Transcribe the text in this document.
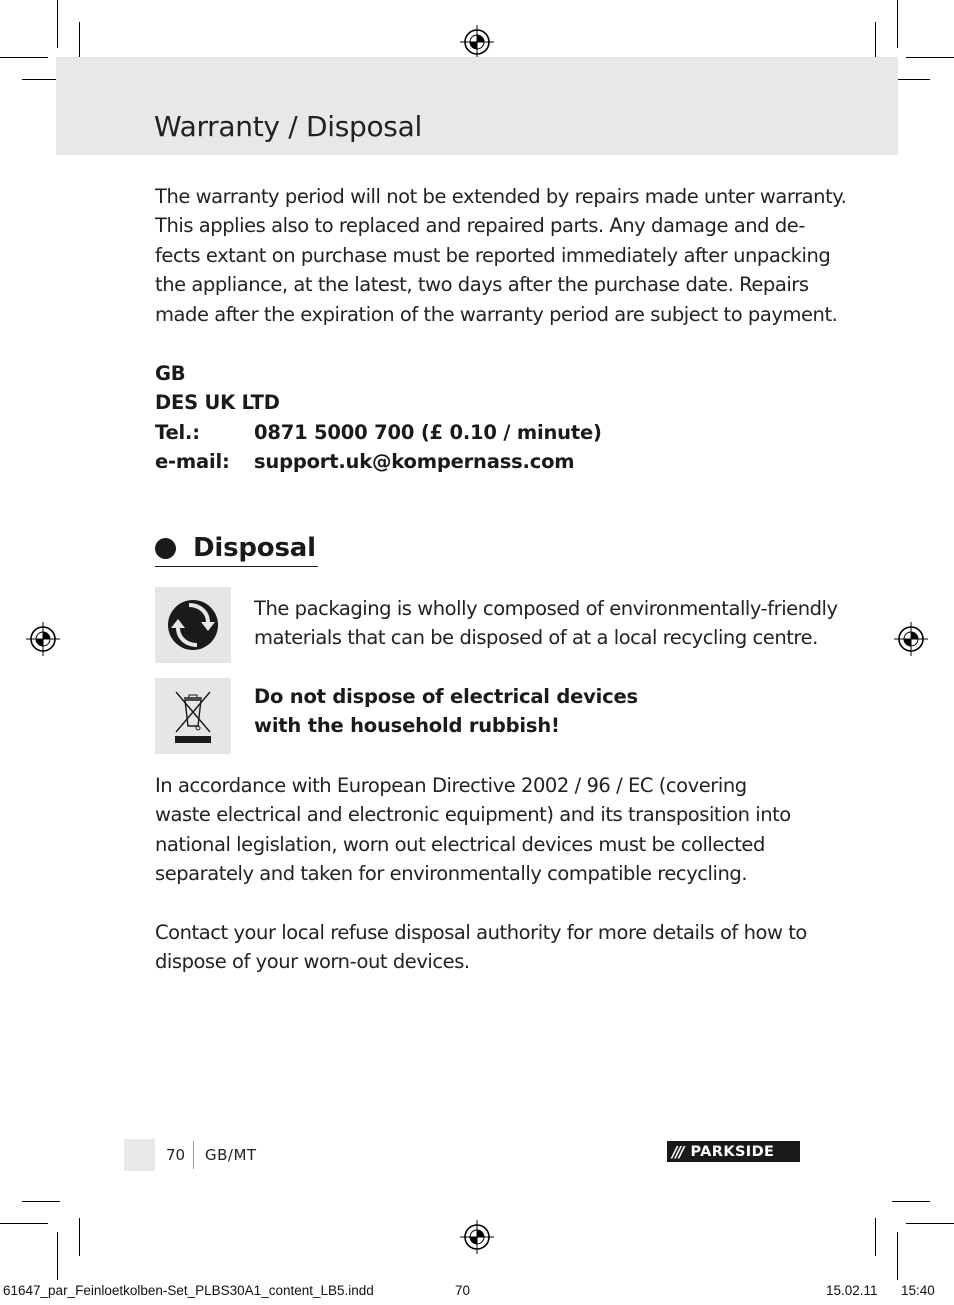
Warranty / Disposal

The warranty period will not be extended by repairs made unter warranty.
This applies also to replaced and repaired parts. Any damage and de-
fects extant on purchase must be reported immediately after unpacking
the appliance, at the latest, two days after the purchase date. Repairs
made after the expiration of the warranty period are subject to payment.

GB
DES UK LTD
Tel.:	0871 5000 700 (£ 0.10 / minute)
e-mail:	support.uk@kompernass.com
Disposal
The packaging is wholly composed of environmentally-friendly
materials that can be disposed of at a local recycling centre.
Do not dispose of electrical devices
with the household rubbish!

In accordance with European Directive 2002 / 96 / EC (covering
waste electrical and electronic equipment) and its transposition into
national legislation, worn out electrical devices must be collected
separately and taken for environmentally compatible recycling.

Contact your local refuse disposal authority for more details of how to
dispose of your worn-out devices.

70 GB/MT	/// PARKSIDE
61647_par_Feinloetkolben-Set_PLBS30A1_content_LB5.indd	70	15.02.11 15:40
